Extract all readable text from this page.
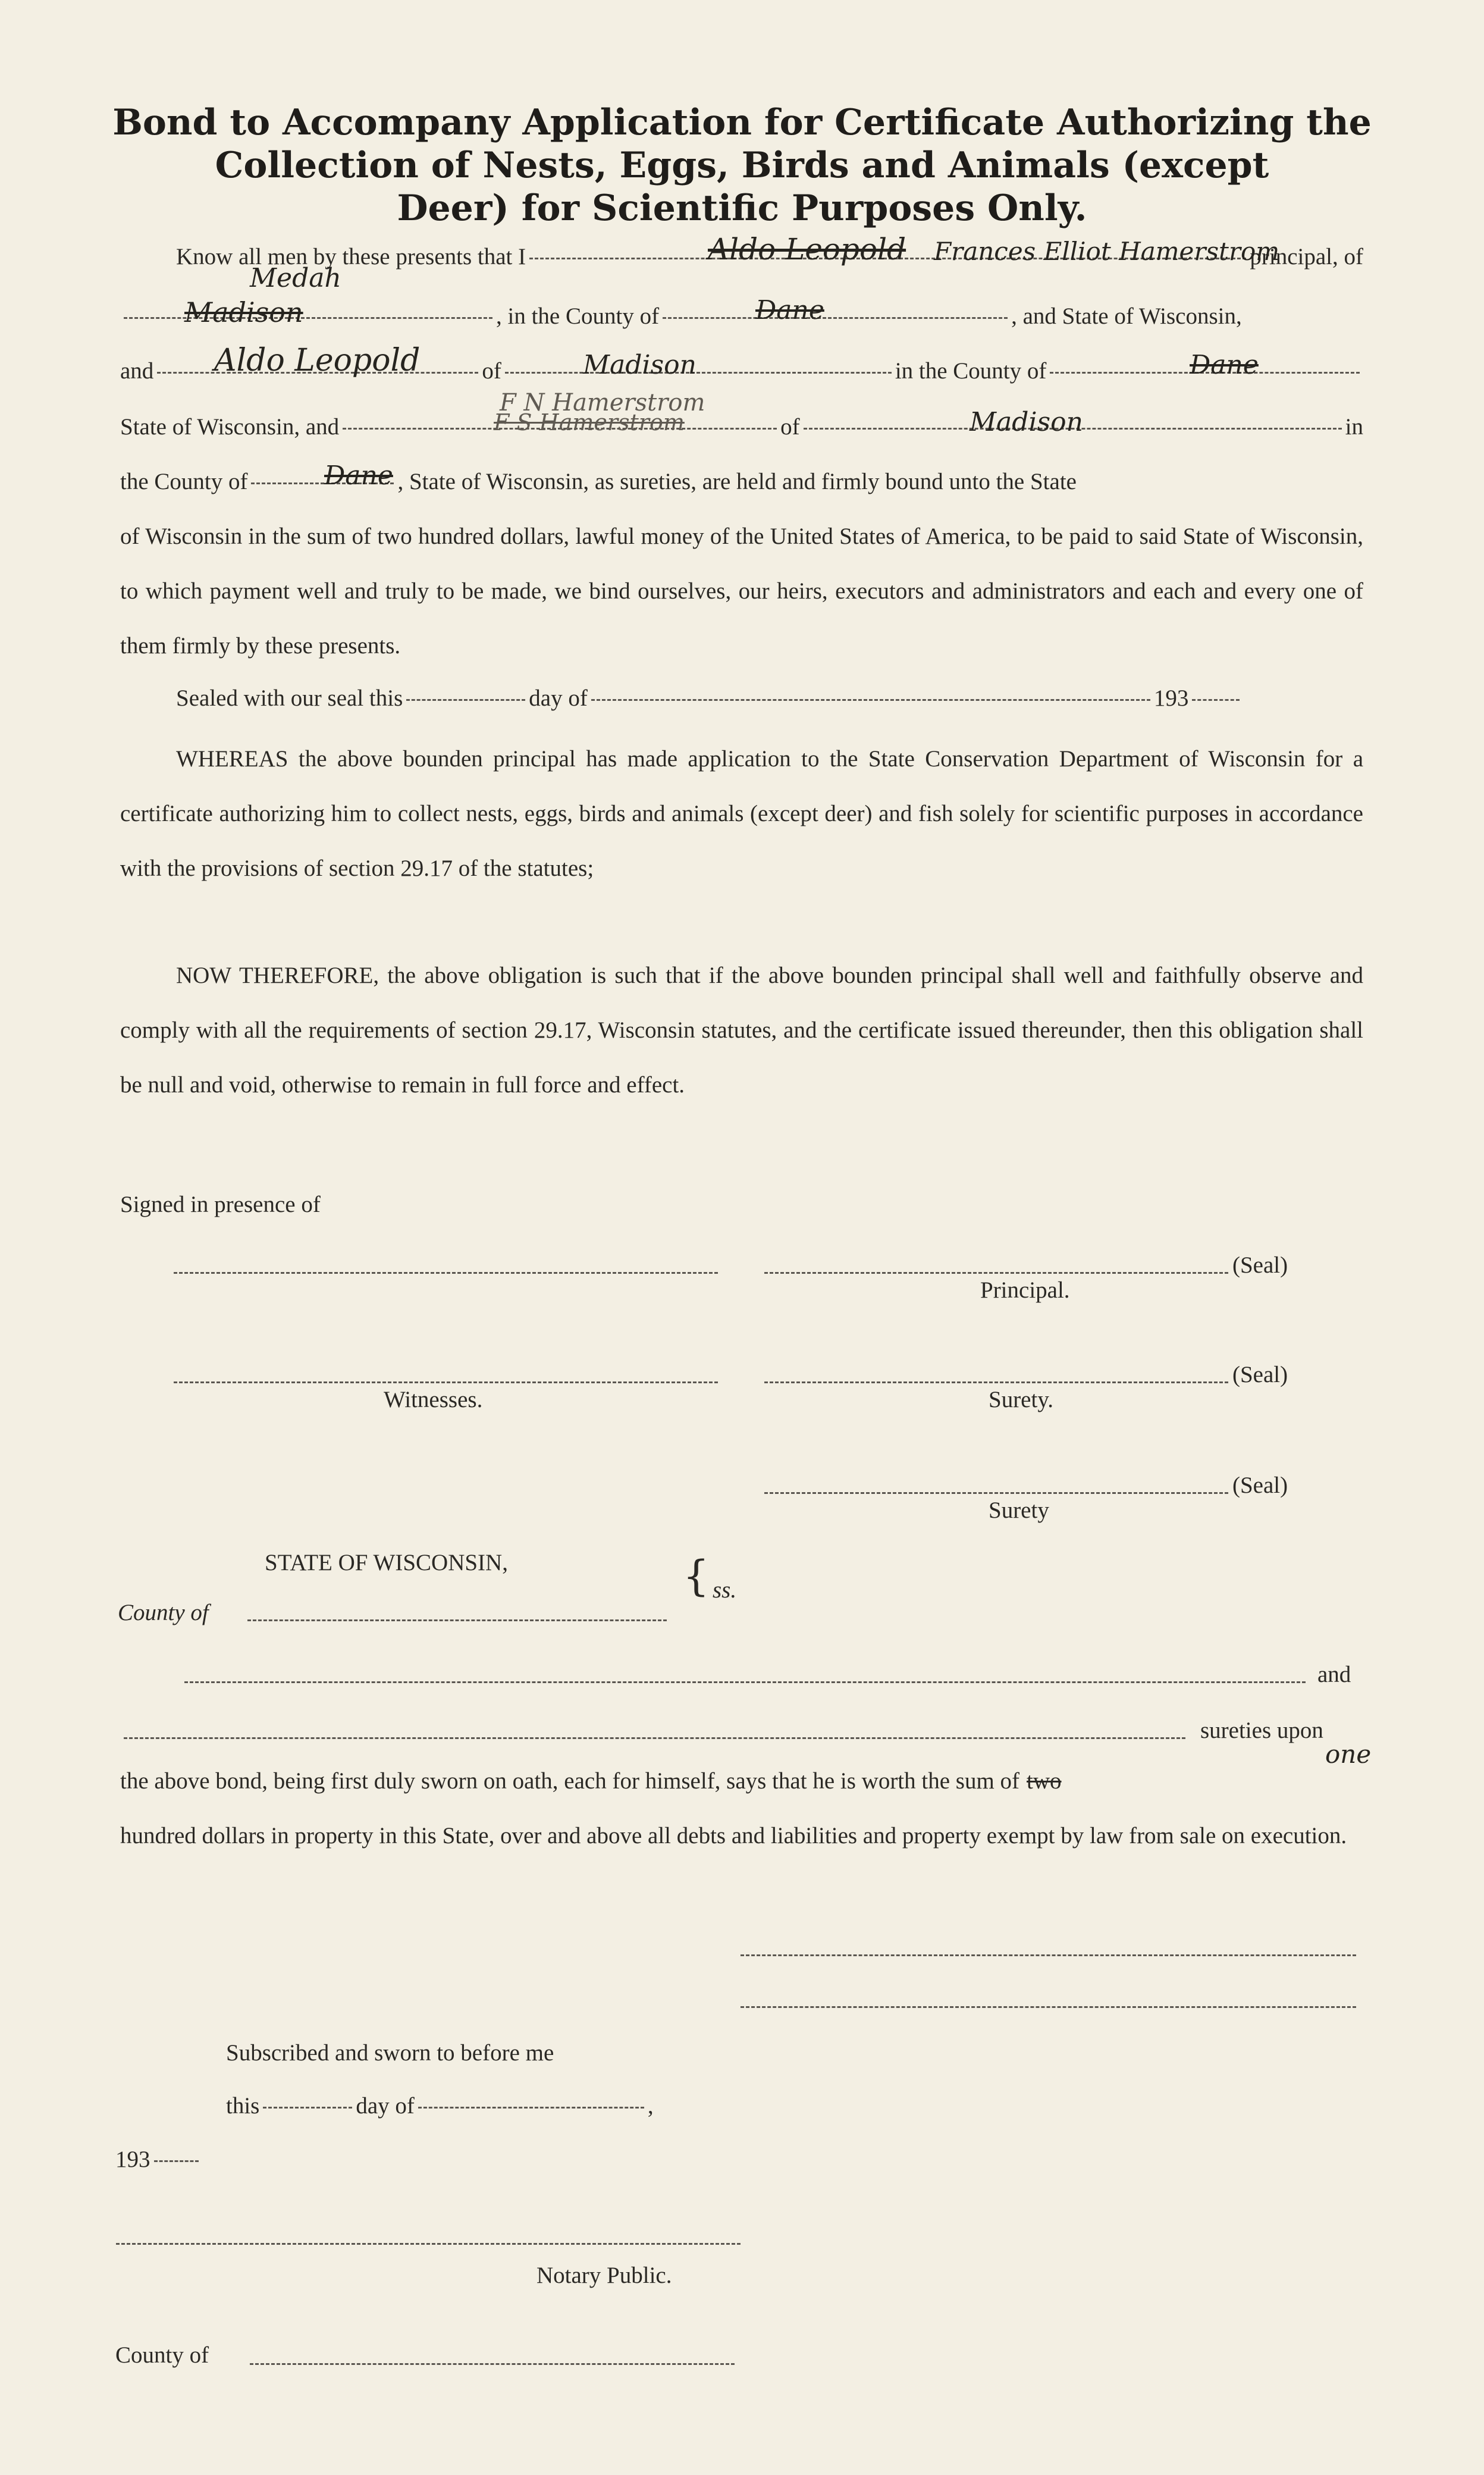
Bond to Accompany Application for Certificate Authorizing the
Collection of Nests, Eggs, Birds and Animals (except
Deer) for Scientific Purposes Only.
Know all men by these presents that I	principal, of
Aldo Leopold Frances Elliot Hamerstrom
, in the County of	, and State of Wisconsin,
Madison
Medah
Dane
and	of	in the County of
Aldo Leopold	Madison	Dane
State of Wisconsin, and	of	in
F S Hamerstrom
F N Hamerstrom
Madison
the County of	, State of Wisconsin, as sureties, are held and firmly bound unto the State
Dane
of Wisconsin in the sum of two hundred dollars, lawful money of the United States of America, to be paid to said State of Wisconsin, to which payment well and truly to be made, we bind ourselves, our heirs, executors and administrators and each and every one of them firmly by these presents.
Sealed with our seal this	day of	193
WHEREAS the above bounden principal has made application to the State Conservation Department of Wisconsin for a certificate authorizing him to collect nests, eggs, birds and animals (except deer) and fish solely for scientific purposes in accordance with the provisions of section 29.17 of the statutes;
NOW THEREFORE, the above obligation is such that if the above bounden principal shall well and faithfully observe and comply with all the requirements of section 29.17, Wisconsin statutes, and the certificate issued thereunder, then this obligation shall be null and void, otherwise to remain in full force and effect.
Signed in presence of
(Seal)
Principal.
Witnesses.
(Seal)
Surety.
(Seal)
Surety
STATE OF WISCONSIN,
County of
{ ss.
and
sureties upon
the above bond, being first duly sworn on oath, each for himself, says that he is worth the sum of two
one
hundred dollars in property in this State, over and above all debts and liabilities and property exempt by law from sale on execution.
Subscribed and sworn to before me
this	day of	,
193
Notary Public.
County of
